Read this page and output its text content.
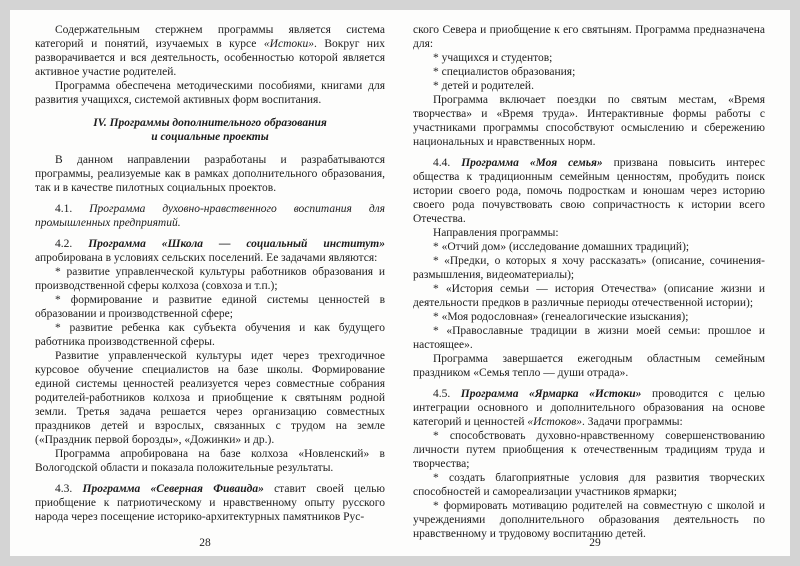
Содержательным стержнем программы является система категорий и понятий, изучаемых в курсе «Истоки». Вокруг них разворачивается и вся деятельность, особенностью которой является активное участие родителей.

Программа обеспечена методическими пособиями, книгами для развития учащихся, системой активных форм воспитания.

IV. Программы дополнительного образования
и социальные проекты

В данном направлении разработаны и разрабатываются программы, реализуемые как в рамках дополнительного образования, так и в качестве пилотных социальных проектов.

4.1. Программа духовно-нравственного воспитания для промышленных предприятий.

4.2. Программа «Школа — социальный институт» апробирована в условиях сельских поселений. Ее задачами являются:

* развитие управленческой культуры работников образования и производственной сферы колхоза (совхоза и т.п.);

* формирование и развитие единой системы ценностей в образовании и производственной сфере;

* развитие ребенка как субъекта обучения и как будущего работника производственной сферы.

Развитие управленческой культуры идет через трехгодичное курсовое обучение специалистов на базе школы. Формирование единой системы ценностей реализуется через совместные собрания родителей-работников колхоза и приобщение к святыням родной земли. Третья задача решается через организацию совместных праздников детей и взрослых, связанных с трудом на земле («Праздник первой борозды», «Дожинки» и др.).

Программа апробирована на базе колхоза «Новленский» в Вологодской области и показала положительные результаты.

4.3. Программа «Северная Фиваида» ставит своей целью приобщение к патриотическому и нравственному опыту русского народа через посещение историко-архитектурных памятников Рус-

28

ского Севера и приобщение к его святыням. Программа предназначена для:

* учащихся и студентов;

* специалистов образования;

* детей и родителей.

Программа включает поездки по святым местам, «Время творчества» и «Время труда». Интерактивные формы работы с участниками программы способствуют осмыслению и сбережению национальных и нравственных норм.

4.4. Программа «Моя семья» призвана повысить интерес общества к традиционным семейным ценностям, пробудить поиск истории своего рода, помочь подросткам и юношам через историю своего рода почувствовать свою сопричастность к истории всего Отечества.

Направления программы:

* «Отчий дом» (исследование домашних традиций);

* «Предки, о которых я хочу рассказать» (описание, сочинения-размышления, видеоматериалы);

* «История семьи — история Отечества» (описание жизни и деятельности предков в различные периоды отечественной истории);

* «Моя родословная» (генеалогические изыскания);

* «Православные традиции в жизни моей семьи: прошлое и настоящее».

Программа завершается ежегодным областным семейным праздником «Семья тепло — души отрада».

4.5. Программа «Ярмарка «Истоки» проводится с целью интеграции основного и дополнительного образования на основе категорий и ценностей «Истоков». Задачи программы:

* способствовать духовно-нравственному совершенствованию личности путем приобщения к отечественным традициям труда и творчества;

* создать благоприятные условия для развития творческих способностей и самореализации участников ярмарки;

* формировать мотивацию родителей на совместную с школой и учреждениями дополнительного образования деятельность по нравственному и трудовому воспитанию детей.

29
